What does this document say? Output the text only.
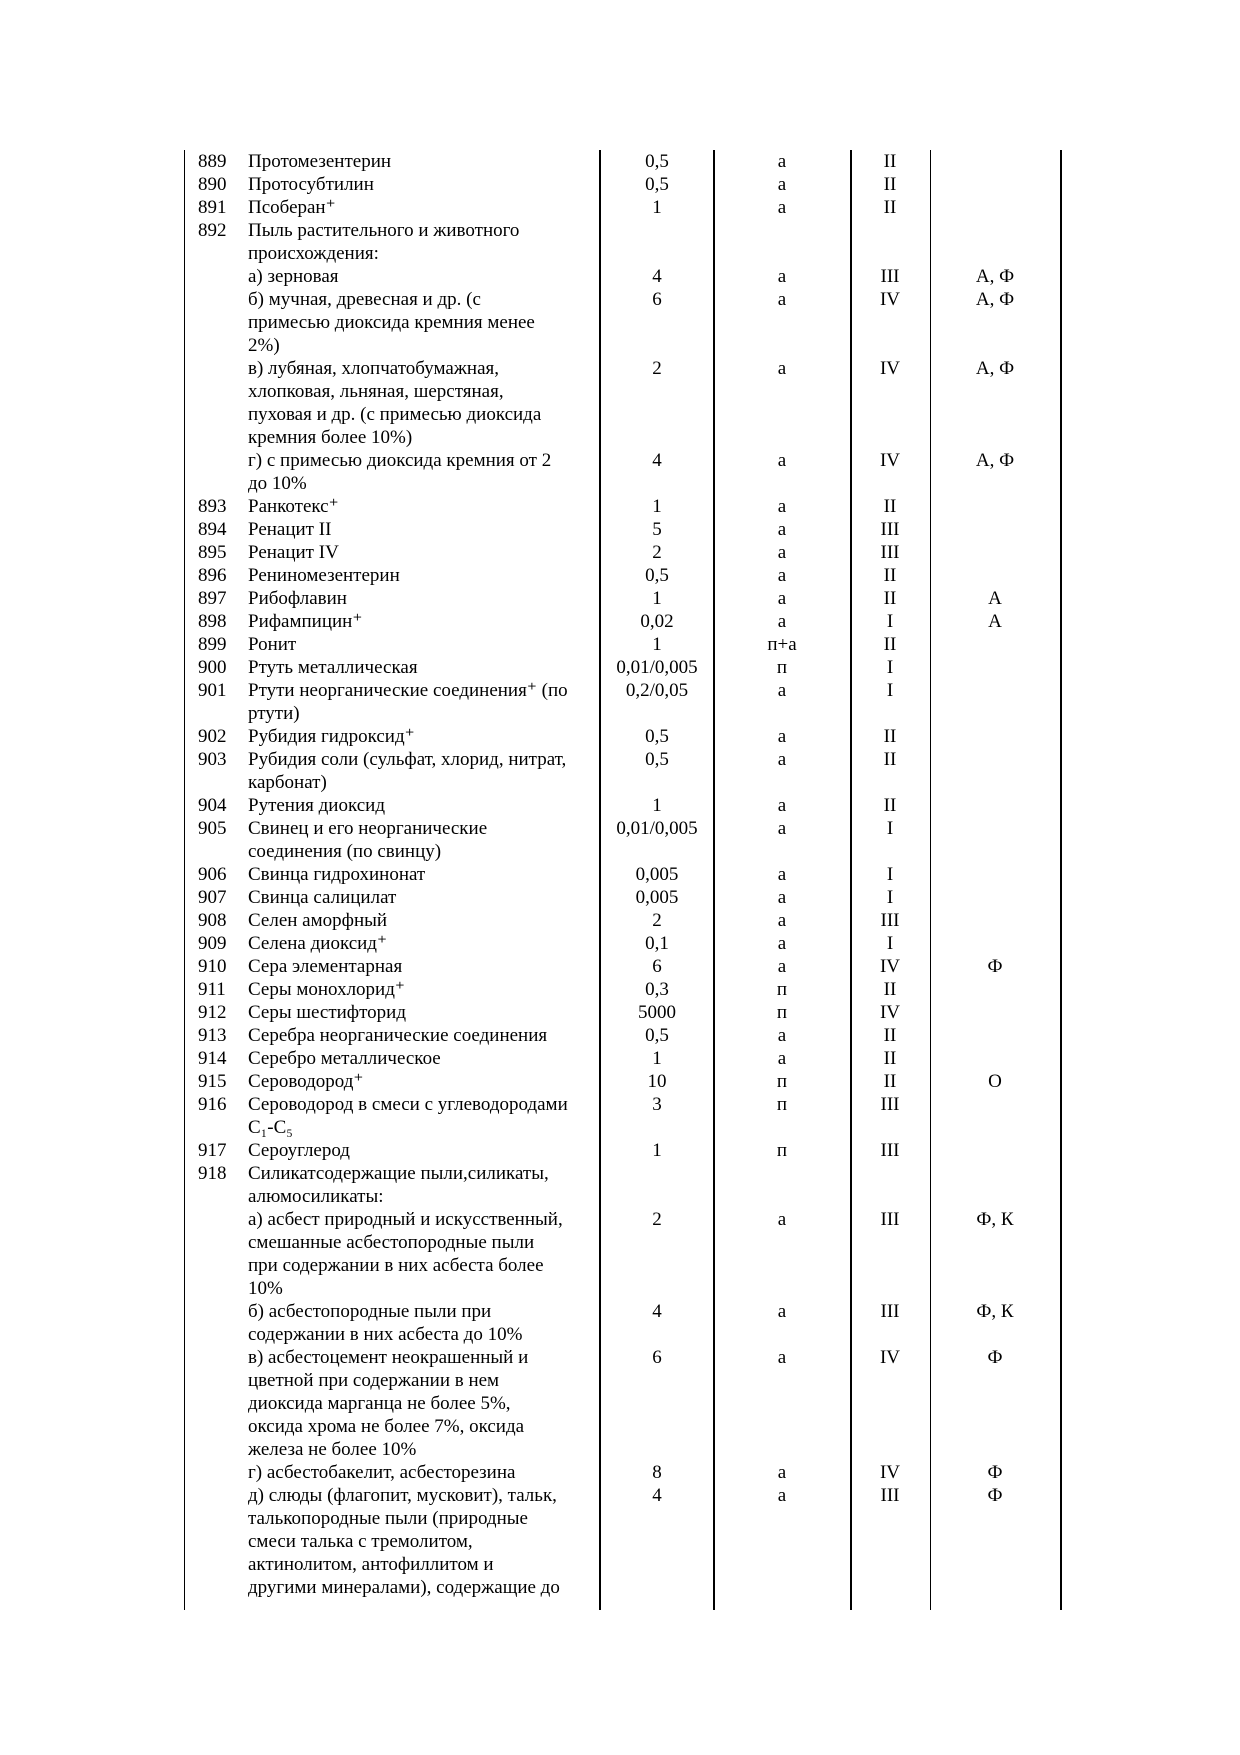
889	Протомезентерин	0,5	а	II
890	Протосубтилин	0,5	а	II
891	Псоберан⁺	1	а	II
892	Пыль растительного и животного
происхождения:
а) зерновая	4	а	III	А, Ф
б) мучная, древесная и др. (с
примесью диоксида кремния менее
2%)
6	а	IV	А, Ф
в) лубяная, хлопчатобумажная,
хлопковая, льняная, шерстяная,
пуховая и др. (с примесью диоксида
кремния более 10%)
2	а	IV	А, Ф
г) с примесью диоксида кремния от 2
до 10%
4	а	IV	А, Ф
893	Ранкотекс⁺	1	а	II
894	Ренацит II	5	а	III
895	Ренацит IV	2	а	III
896	Рениномезентерин	0,5	а	II
897	Рибофлавин	1	а	II	А
898	Рифампицин⁺	0,02	а	I	А
899	Ронит	1	п+а	II
900	Ртуть металлическая	0,01/0,005	п	I
901	Ртути неорганические соединения⁺ (по
ртути)
0,2/0,05	а	I
902	Рубидия гидроксид⁺	0,5	а	II
903	Рубидия соли (сульфат, хлорид, нитрат,
карбонат)
0,5	а	II
904	Рутения диоксид	1	а	II
905	Свинец и его неорганические
соединения (по свинцу)
0,01/0,005	а	I
906	Свинца гидрохинонат	0,005	а	I
907	Свинца салицилат	0,005	а	I
908	Селен аморфный	2	а	III
909	Селена диоксид⁺	0,1	а	I
910	Сера элементарная	6	а	IV	Ф
911	Серы монохлорид⁺	0,3	п	II
912	Серы шестифторид	5000	п	IV
913	Серебра неорганические соединения	0,5	а	II
914	Серебро металлическое	1	а	II
915	Сероводород⁺	10	п	II	О
916	Сероводород в смеси с углеводородами
C₁-C₅
3	п	III
917	Сероуглерод	1	п	III
918	Силикатсодержащие пыли,силикаты,
алюмосиликаты:
а) асбест природный и искусственный,
смешанные асбестопородные пыли
при содержании в них асбеста более
10%
2	а	III	Ф, К
б) асбестопородные пыли при
содержании в них асбеста до 10%
4	а	III	Ф, К
в) асбестоцемент неокрашенный и
цветной при содержании в нем
диоксида марганца не более 5%,
оксида хрома не более 7%, оксида
железа не более 10%
6	а	IV	Ф
г) асбестобакелит, асбесторезина	8	а	IV	Ф
д) слюды (флагопит, мусковит), тальк,
талькопородные пыли (природные
смеси талька с тремолитом,
актинолитом, антофиллитом и
другими минералами), содержащие до
4	а	III	Ф
